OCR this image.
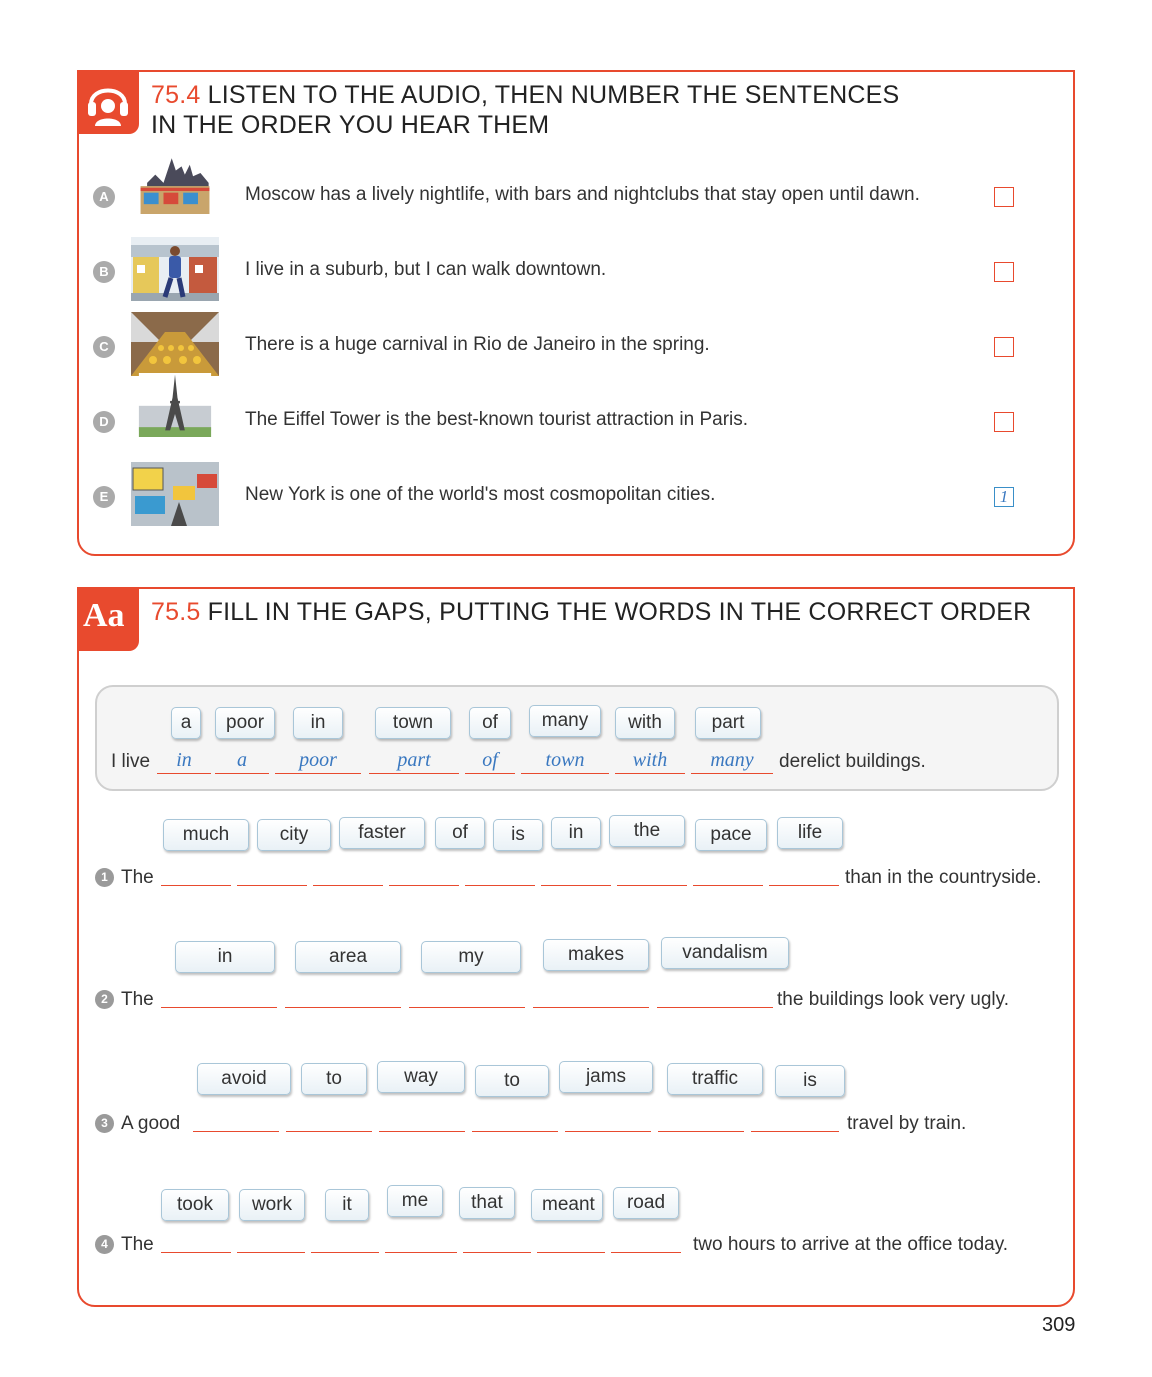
75.4 LISTEN TO THE AUDIO, THEN NUMBER THE SENTENCES
IN THE ORDER YOU HEAR THEM
A	Moscow has a lively nightlife, with bars and nightclubs that stay open until dawn.
B	I live in a suburb, but I can walk downtown.
C	There is a huge carnival in Rio de Janeiro in the spring.
D	The Eiffel Tower is the best-known tourist attraction in Paris.
E	New York is one of the world's most cosmopolitan cities.	1
Aa 75.5 FILL IN THE GAPS, PUTTING THE WORDS IN THE CORRECT ORDER
a	poor	in	town	of	many	with	part
I live	in	a	poor	part	of	town	with	many	derelict buildings.
much	city	faster	of	is	in	the	pace	life
1 The	than in the countryside.
in	area	my	makes	vandalism
2 The	the buildings look very ugly.
avoid	to	way	to	jams	traffic	is
3 A good	travel by train.
took	work	it	me	that	meant	road
4 The	two hours to arrive at the office today.
309
